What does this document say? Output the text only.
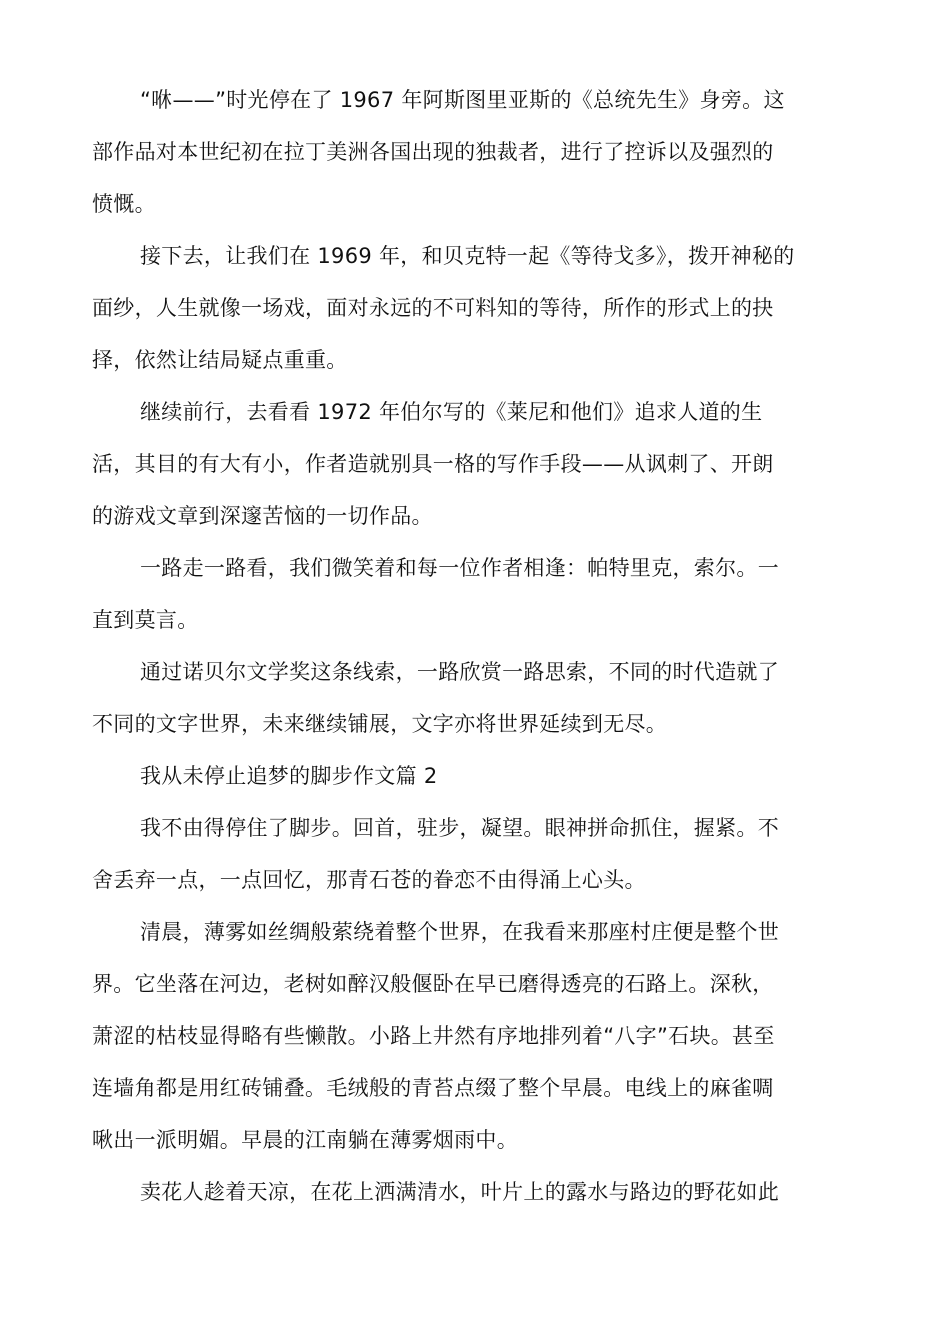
“咻——”时光停在了 1967 年阿斯图里亚斯的《总统先生》身旁。这
部作品对本世纪初在拉丁美洲各国出现的独裁者，进行了控诉以及强烈的
愤慨。
接下去，让我们在 1969 年，和贝克特一起《等待戈多》，拨开神秘的
面纱，人生就像一场戏，面对永远的不可料知的等待，所作的形式上的抉
择，依然让结局疑点重重。
继续前行，去看看 1972 年伯尔写的《莱尼和他们》追求人道的生
活，其目的有大有小，作者造就别具一格的写作手段——从讽刺了、开朗
的游戏文章到深邃苦恼的一切作品。
一路走一路看，我们微笑着和每一位作者相逢：帕特里克，索尔。一
直到莫言。
通过诺贝尔文学奖这条线索，一路欣赏一路思索，不同的时代造就了
不同的文字世界，未来继续铺展，文字亦将世界延续到无尽。
我从未停止追梦的脚步作文篇 2
我不由得停住了脚步。回首，驻步，凝望。眼神拼命抓住，握紧。不
舍丢弃一点，一点回忆，那青石苍的眷恋不由得涌上心头。
清晨，薄雾如丝绸般萦绕着整个世界，在我看来那座村庄便是整个世
界。它坐落在河边，老树如醉汉般偃卧在早已磨得透亮的石路上。深秋，
萧涩的枯枝显得略有些懒散。小路上井然有序地排列着“八字”石块。甚至
连墙角都是用红砖铺叠。毛绒般的青苔点缀了整个早晨。电线上的麻雀啁
啾出一派明媚。早晨的江南躺在薄雾烟雨中。
卖花人趁着天凉，在花上洒满清水，叶片上的露水与路边的野花如此
